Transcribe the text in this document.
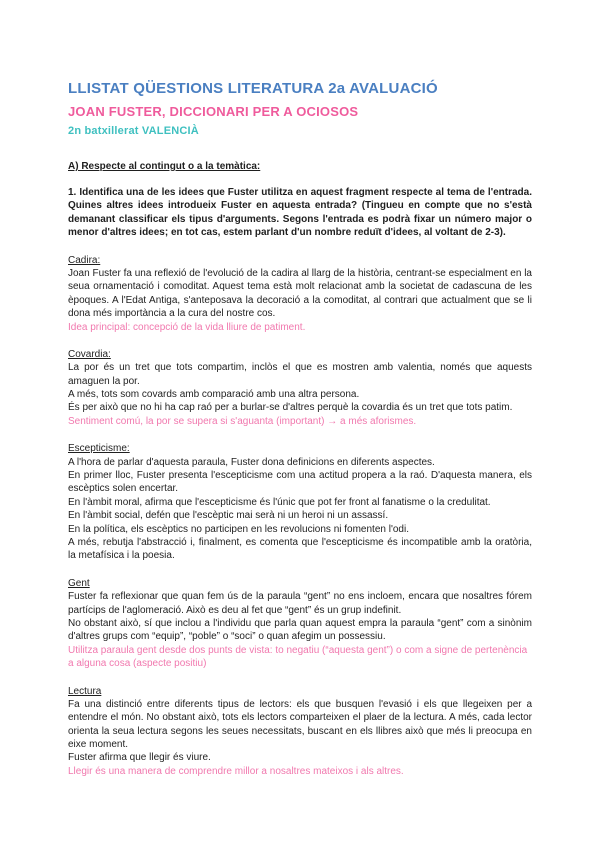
LLISTAT QÜESTIONS LITERATURA 2a AVALUACIÓ
JOAN FUSTER, DICCIONARI PER A OCIOSOS
2n batxillerat VALENCIÀ

A) Respecte al contingut o a la temàtica:

1. Identifica una de les idees que Fuster utilitza en aquest fragment respecte al tema de l'entrada. Quines altres idees introdueix Fuster en aquesta entrada? (Tingueu en compte que no s'està demanant classificar els tipus d'arguments. Segons l'entrada es podrà fixar un número major o menor d'altres idees; en tot cas, estem parlant d'un nombre reduït d'idees, al voltant de 2-3).

Cadira:

Joan Fuster fa una reflexió de l'evolució de la cadira al llarg de la història, centrant-se especialment en la seua ornamentació i comoditat. Aquest tema està molt relacionat amb la societat de cadascuna de les èpoques. A l'Edat Antiga, s'anteposava la decoració a la comoditat, al contrari que actualment que se li dona més importància a la cura del nostre cos.

Idea principal: concepció de la vida lliure de patiment.

Covardia:

La por és un tret que tots compartim, inclòs el que es mostren amb valentia, només que aquests amaguen la por.

A més, tots som covards amb comparació amb una altra persona.

És per això que no hi ha cap raó per a burlar-se d'altres perquè la covardia és un tret que tots patim.

Sentiment comú, la por se supera si s'aguanta (important) → a més aforismes.

Escepticisme:

A l'hora de parlar d'aquesta paraula, Fuster dona definicions en diferents aspectes.

En primer lloc, Fuster presenta l'escepticisme com una actitud propera a la raó. D'aquesta manera, els escèptics solen encertar.

En l'àmbit moral, afirma que l'escepticisme és l'únic que pot fer front al fanatisme o la credulitat.

En l'àmbit social, defén que l'escèptic mai serà ni un heroi ni un assassí.

En la política, els escèptics no participen en les revolucions ni fomenten l'odi.

A més, rebutja l'abstracció i, finalment, es comenta que l'escepticisme és incompatible amb la oratòria, la metafísica i la poesia.

Gent

Fuster fa reflexionar que quan fem ús de la paraula “gent” no ens incloem, encara que nosaltres fórem partícips de l'aglomeració. Això es deu al fet que “gent” és un grup indefinit.

No obstant això, sí que inclou a l'individu que parla quan aquest empra la paraula “gent” com a sinònim d'altres grups com “equip”, “poble” o “soci” o quan afegim un possessiu.

Utilitza paraula gent desde dos punts de vista: to negatiu (“aquesta gent”) o com a signe de pertenència a alguna cosa (aspecte positiu)

Lectura

Fa una distinció entre diferents tipus de lectors: els que busquen l'evasió i els que llegeixen per a entendre el món. No obstant això, tots els lectors comparteixen el plaer de la lectura. A més, cada lector orienta la seua lectura segons les seues necessitats, buscant en els llibres això que més li preocupa en eixe moment.

Fuster afirma que llegir és viure.

Llegir és una manera de comprendre millor a nosaltres mateixos i als altres.
